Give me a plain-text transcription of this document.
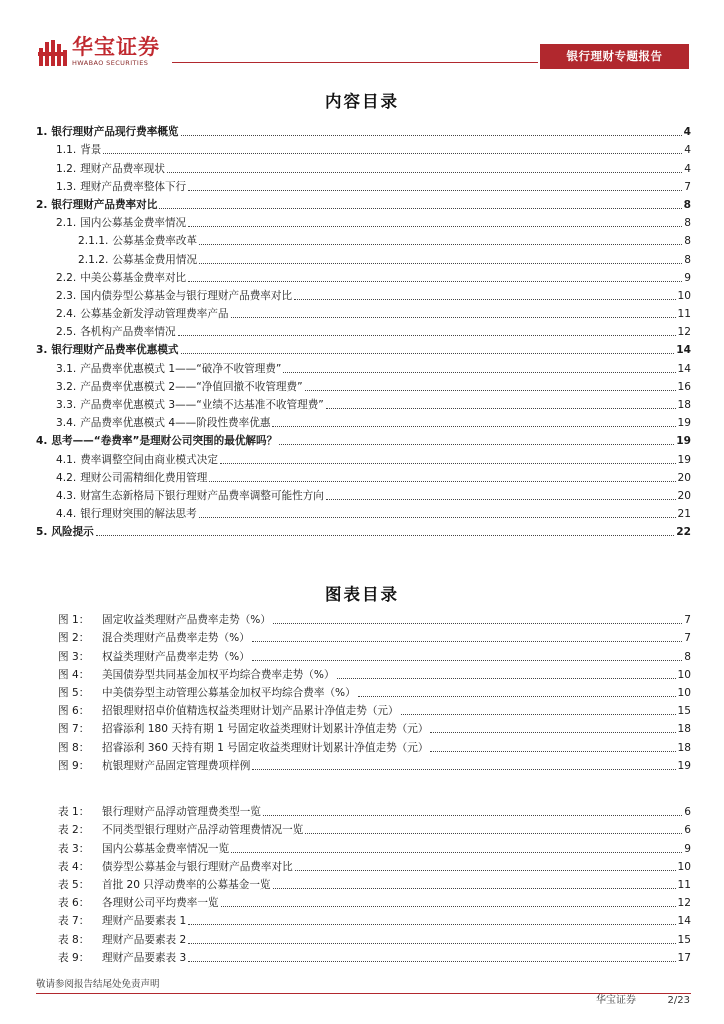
华宝证券
HWABAO SECURITIES	银行理财专题报告
内容目录
1. 银行理财产品现行费率概览	4
1.1. 背景	4
1.2. 理财产品费率现状	4
1.3. 理财产品费率整体下行	7
2. 银行理财产品费率对比	8
2.1. 国内公募基金费率情况	8
2.1.1. 公募基金费率改革	8
2.1.2. 公募基金费用情况	8
2.2. 中美公募基金费率对比	9
2.3. 国内债券型公募基金与银行理财产品费率对比	10
2.4. 公募基金新发浮动管理费率产品	11
2.5. 各机构产品费率情况	12
3. 银行理财产品费率优惠模式	14
3.1. 产品费率优惠模式 1——“破净不收管理费”	14
3.2. 产品费率优惠模式 2——“净值回撤不收管理费”	16
3.3. 产品费率优惠模式 3——“业绩不达基准不收管理费”	18
3.4. 产品费率优惠模式 4——阶段性费率优惠	19
4. 思考——“卷费率”是理财公司突围的最优解吗？	19
4.1. 费率调整空间由商业模式决定	19
4.2. 理财公司需精细化费用管理	20
4.3. 财富生态新格局下银行理财产品费率调整可能性方向	20
4.4. 银行理财突围的解法思考	21
5. 风险提示	22
图表目录
图 1：	固定收益类理财产品费率走势（%）	7
图 2：	混合类理财产品费率走势（%）	7
图 3：	权益类理财产品费率走势（%）	8
图 4：	美国债券型共同基金加权平均综合费率走势（%）	10
图 5：	中美债券型主动管理公募基金加权平均综合费率（%）	10
图 6：	招银理财招卓价值精选权益类理财计划产品累计净值走势（元）	15
图 7：	招睿添利 180 天持有期 1 号固定收益类理财计划累计净值走势（元）	18
图 8：	招睿添利 360 天持有期 1 号固定收益类理财计划累计净值走势（元）	18
图 9：	杭银理财产品固定管理费项样例	19
表 1：	银行理财产品浮动管理费类型一览	6
表 2：	不同类型银行理财产品浮动管理费情况一览	6
表 3：	国内公募基金费率情况一览	9
表 4：	债券型公募基金与银行理财产品费率对比	10
表 5：	首批 20 只浮动费率的公募基金一览	11
表 6：	各理财公司平均费率一览	12
表 7：	理财产品要素表 1	14
表 8：	理财产品要素表 2	15
表 9：	理财产品要素表 3	17
敬请参阅报告结尾处免责声明
华宝证券	2/23
